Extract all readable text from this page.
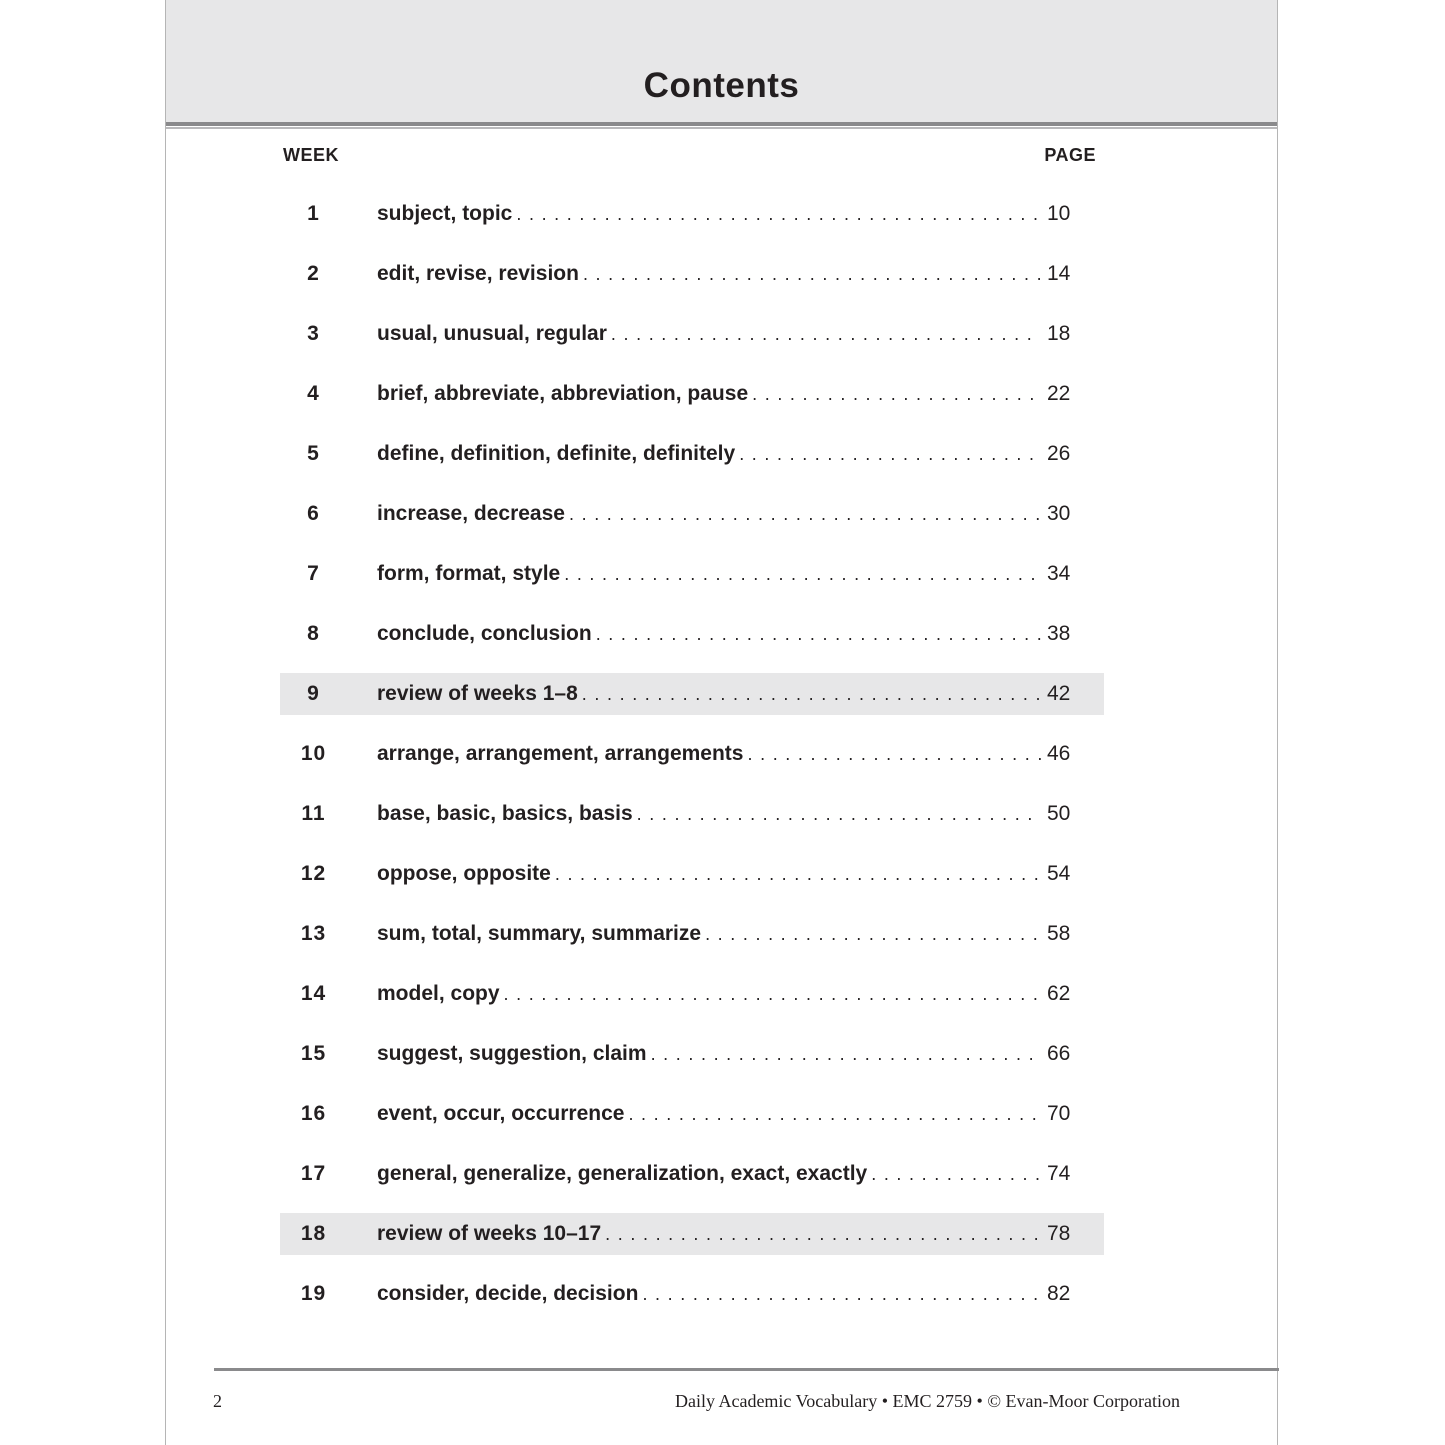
Contents
WEEK	PAGE
1	subject, topic . . .	10
2	edit, revise, revision . . .	14
3	usual, unusual, regular . . .	18
4	brief, abbreviate, abbreviation, pause . . .	22
5	define, definition, definite, definitely . . .	26
6	increase, decrease . . .	30
7	form, format, style . . .	34
8	conclude, conclusion . . .	38
9	review of weeks 1–8 . . .	42
10	arrange, arrangement, arrangements . . .	46
11	base, basic, basics, basis . . .	50
12	oppose, opposite . . .	54
13	sum, total, summary, summarize . . .	58
14	model, copy . . .	62
15	suggest, suggestion, claim . . .	66
16	event, occur, occurrence . . .	70
17	general, generalize, generalization, exact, exactly . . .	74
18	review of weeks 10–17 . . .	78
19	consider, decide, decision . . .	82
2	Daily Academic Vocabulary • EMC 2759 • © Evan-Moor Corporation
